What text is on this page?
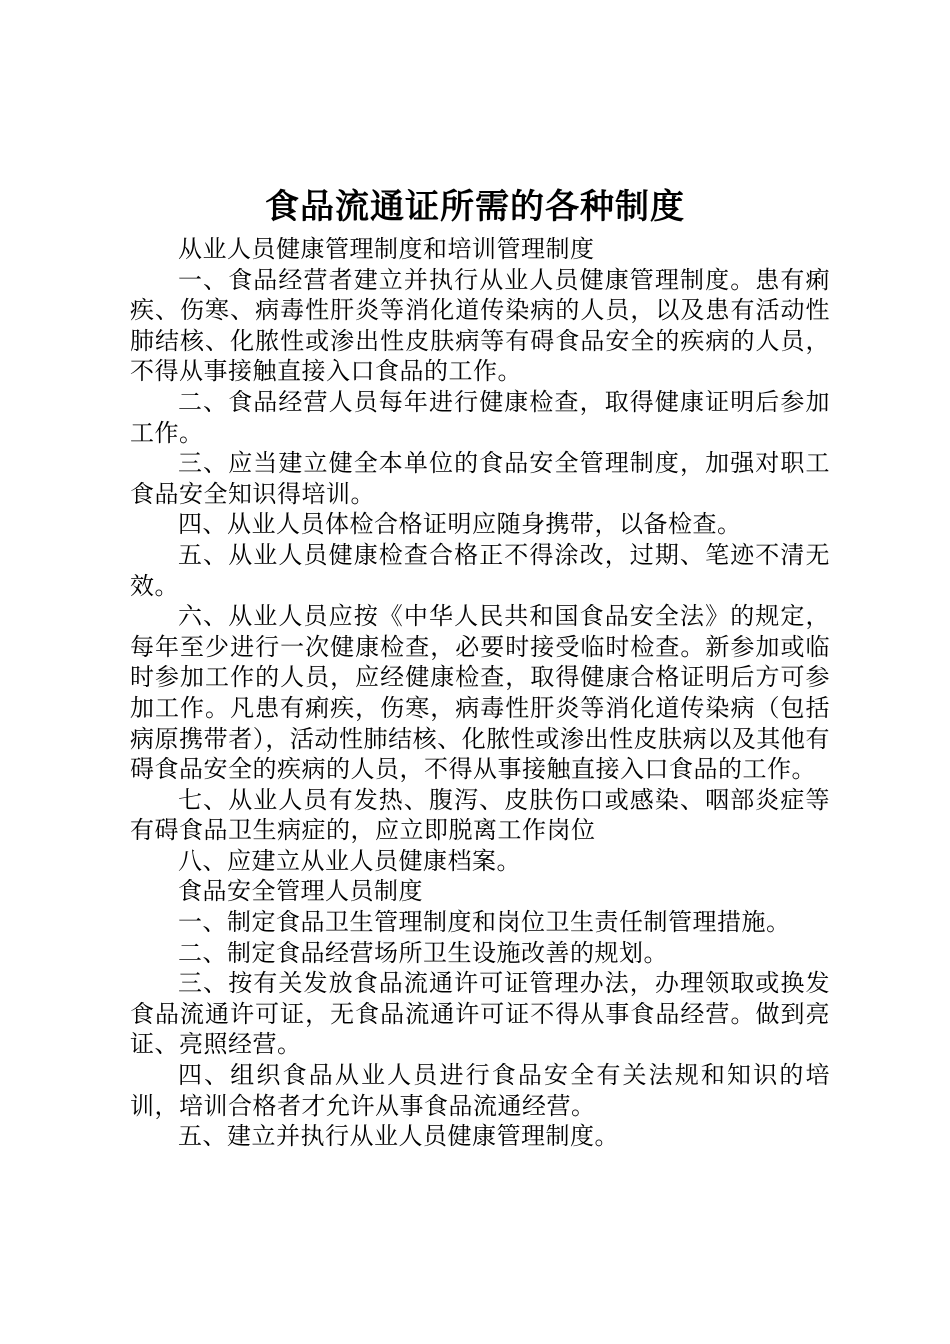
食品流通证所需的各种制度

从业人员健康管理制度和培训管理制度

一、食品经营者建立并执行从业人员健康管理制度。患有痢疾、伤寒、病毒性肝炎等消化道传染病的人员，以及患有活动性肺结核、化脓性或渗出性皮肤病等有碍食品安全的疾病的人员，不得从事接触直接入口食品的工作。

二、食品经营人员每年进行健康检查，取得健康证明后参加工作。

三、应当建立健全本单位的食品安全管理制度，加强对职工食品安全知识得培训。

四、从业人员体检合格证明应随身携带，以备检查。

五、从业人员健康检查合格正不得涂改，过期、笔迹不清无效。

六、从业人员应按《中华人民共和国食品安全法》的规定，每年至少进行一次健康检查，必要时接受临时检查。新参加或临时参加工作的人员，应经健康检查，取得健康合格证明后方可参加工作。凡患有痢疾，伤寒，病毒性肝炎等消化道传染病（包括病原携带者），活动性肺结核、化脓性或渗出性皮肤病以及其他有碍食品安全的疾病的人员，不得从事接触直接入口食品的工作。

七、从业人员有发热、腹泻、皮肤伤口或感染、咽部炎症等有碍食品卫生病症的，应立即脱离工作岗位

八、应建立从业人员健康档案。

食品安全管理人员制度

一、制定食品卫生管理制度和岗位卫生责任制管理措施。

二、制定食品经营场所卫生设施改善的规划。

三、按有关发放食品流通许可证管理办法，办理领取或换发食品流通许可证，无食品流通许可证不得从事食品经营。做到亮证、亮照经营。

四、组织食品从业人员进行食品安全有关法规和知识的培训，培训合格者才允许从事食品流通经营。

五、建立并执行从业人员健康管理制度。
